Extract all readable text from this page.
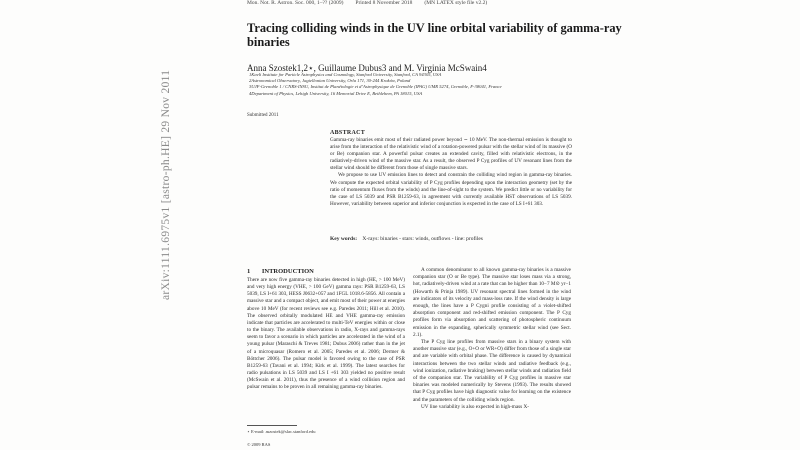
Mon. Not. R. Astron. Soc. 000, 1–?? (2009) Printed 8 November 2018 (MN LATEX style file v2.2)
Tracing colliding winds in the UV line orbital variability of gamma-ray binaries
Anna Szostek1,2⋆, Guillaume Dubus3 and M. Virginia McSwain4
1Kavli Institute for Particle Astrophysics and Cosmology, Stanford University, Stanford, CA 94305, USA
2Astronomical Observatory, Jagiellonian University, Orla 171, 30-244 Kraków, Poland
3UJF-Grenoble 1 / CNRS-INSU, Institut de Planétologie et d’Astrophysique de Grenoble (IPAG) UMR 5274, Grenoble, F-38041, France
4Department of Physics, Lehigh University, 16 Memorial Drive E, Bethlehem, PA 18015, USA
Submitted 2011
arXiv:1111.6975v1 [astro-ph.HE] 29 Nov 2011	ABSTRACT

Gamma-ray binaries emit most of their radiated power beyond ∼ 10 MeV. The non-thermal emission is thought to arise from the interaction of the relativistic wind of a rotation-powered pulsar with the stellar wind of its massive (O or Be) companion star. A powerful pulsar creates an extended cavity, filled with relativistic electrons, in the radiatively-driven wind of the massive star. As a result, the observed P Cyg profiles of UV resonant lines from the stellar wind should be different from those of single massive stars.

We propose to use UV emission lines to detect and constrain the colliding wind region in gamma-ray binaries. We compute the expected orbital variability of P Cyg profiles depending upon the interaction geometry (set by the ratio of momentum fluxes from the winds) and the line-of-sight to the system. We predict little or no variability for the case of LS 5039 and PSR B1259-63, in agreement with currently available HST observations of LS 5039. However, variability between superior and inferior conjunction is expected in the case of LS I+61 303.

Key words: X-rays: binaries - stars: winds, outflows - line: profiles
1 INTRODUCTION
There are now five gamma-ray binaries detected in high (HE, > 100 MeV) and very high energy (VHE, > 100 GeV) gamma rays: PSR B1259-63, LS 5039, LS I+61 303, HESS J0632+057 and 1FGL 1018.6-5856. All contain a massive star and a compact object, and emit most of their power at energies above 10 MeV (for recent reviews see e.g. Paredes 2011; Hill et al. 2010). The observed orbitally modulated HE and VHE gamma-ray emission indicate that particles are accelerated to multi-TeV energies within or close to the binary. The available observations in radio, X-rays and gamma-rays seem to favor a scenario in which particles are accelerated in the wind of a young pulsar (Maraschi & Treves 1981; Dubus 2006) rather than in the jet of a microquasar (Romero et al. 2005; Paredes et al. 2006; Dermer & Böttcher 2006). The pulsar model is favored owing to the case of PSR B1259-63 (Tavani et al. 1994; Kirk et al. 1999). The latest searches for radio pulsations in LS 5039 and LS I +61 303 yielded no positive result (McSwain et al. 2011), thus the presence of a wind collision region and pulsar remains to be proven in all remaining gamma-ray binaries.

A common denominator to all known gamma-ray binaries is a massive companion star (O or Be type). The massive star loses mass via a strong, hot, radiatively-driven wind at a rate that can be higher than 10−7 M⊙ yr−1 (Howarth & Prinja 1989). UV resonant spectral lines formed in the wind are indicators of its velocity and mass-loss rate. If the wind density is large enough, the lines have a P Cygni profile consisting of a violet-shifted absorption component and red-shifted emission component. The P Cyg profiles form via absorption and scattering of photospheric continuum emission in the expanding, spherically symmetric stellar wind (see Sect. 2.1).

The P Cyg line profiles from massive stars in a binary system with another massive star (e.g., O+O or WR+O) differ from those of a single star and are variable with orbital phase. The difference is caused by dynamical interactions between the two stellar winds and radiative feedback (e.g., wind ionization, radiative braking) between stellar winds and radiation field of the companion star. The variability of P Cyg profiles in massive star binaries was modeled numerically by Stevens (1993). The results showed that P Cyg profiles have high diagnostic value for learning on the existence and the parameters of the colliding winds region.

UV line variability is also expected in high-mass X-

⋆ E-mail: aszostek@slac.stanford.edu
© 2009 RAS
